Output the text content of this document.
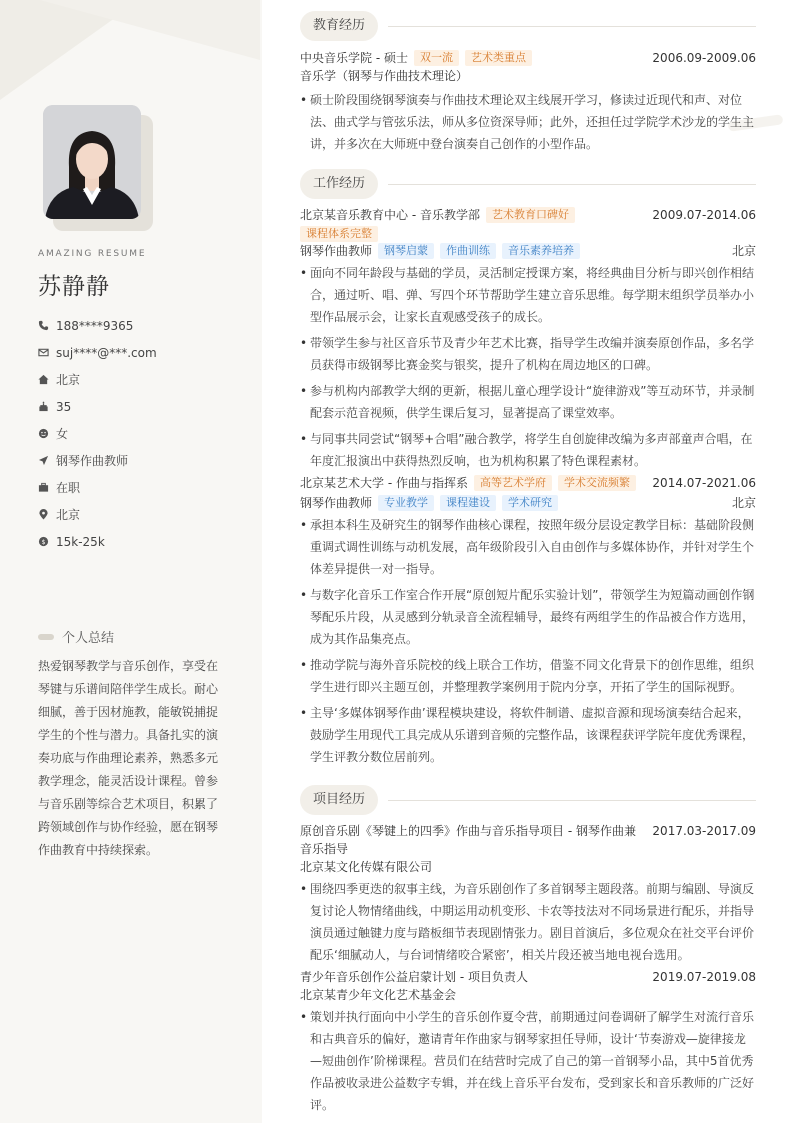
AMAZING RESUME
苏静静
188****9365
suj****@***.com
北京
35
女
钢琴作曲教师
在职
北京
$ 15k-25k
个人总结
热爱钢琴教学与音乐创作，享受在琴键与乐谱间陪伴学生成长。耐心细腻，善于因材施教，能敏锐捕捉学生的个性与潜力。具备扎实的演奏功底与作曲理论素养，熟悉多元教学理念，能灵活设计课程。曾参与音乐剧等综合艺术项目，积累了跨领域创作与协作经验，愿在钢琴作曲教育中持续探索。
教育经历
中央音乐学院 - 硕士	双一流	艺术类重点	2006.09-2009.06
音乐学（钢琴与作曲技术理论）
• 硕士阶段围绕钢琴演奏与作曲技术理论双主线展开学习，修读过近现代和声、对位法、曲式学与管弦乐法，师从多位资深导师；此外，还担任过学院学术沙龙的学生主讲，并多次在大师班中登台演奏自己创作的小型作品。
工作经历
北京某音乐教育中心 - 音乐教学部	艺术教育口碑好	2009.07-2014.06
课程体系完整
钢琴作曲教师	钢琴启蒙	作曲训练	音乐素养培养	北京
• 面向不同年龄段与基础的学员，灵活制定授课方案，将经典曲目分析与即兴创作相结合，通过听、唱、弹、写四个环节帮助学生建立音乐思维。每学期末组织学员举办小型作品展示会，让家长直观感受孩子的成长。
• 带领学生参与社区音乐节及青少年艺术比赛，指导学生改编并演奏原创作品，多名学员获得市级钢琴比赛金奖与银奖，提升了机构在周边地区的口碑。
• 参与机构内部教学大纲的更新，根据儿童心理学设计“旋律游戏”等互动环节，并录制配套示范音视频，供学生课后复习，显著提高了课堂效率。
• 与同事共同尝试“钢琴+合唱”融合教学，将学生自创旋律改编为多声部童声合唱，在年度汇报演出中获得热烈反响，也为机构积累了特色课程素材。
北京某艺术大学 - 作曲与指挥系	高等艺术学府	学术交流频繁	2014.07-2021.06
钢琴作曲教师	专业教学	课程建设	学术研究	北京
• 承担本科生及研究生的钢琴作曲核心课程，按照年级分层设定教学目标：基础阶段侧重调式调性训练与动机发展，高年级阶段引入自由创作与多媒体协作，并针对学生个体差异提供一对一指导。
• 与数字化音乐工作室合作开展“原创短片配乐实验计划”，带领学生为短篇动画创作钢琴配乐片段，从灵感到分轨录音全流程辅导，最终有两组学生的作品被合作方选用，成为其作品集亮点。
• 推动学院与海外音乐院校的线上联合工作坊，借鉴不同文化背景下的创作思维，组织学生进行即兴主题互创，并整理教学案例用于院内分享，开拓了学生的国际视野。
• 主导‘多媒体钢琴作曲’课程模块建设，将软件制谱、虚拟音源和现场演奏结合起来，鼓励学生用现代工具完成从乐谱到音频的完整作品，该课程获评学院年度优秀课程，学生评教分数位居前列。
项目经历
原创音乐剧《琴键上的四季》作曲与音乐指导项目 - 钢琴作曲兼音乐指导
2017.03-2017.09
北京某文化传媒有限公司
• 围绕四季更迭的叙事主线，为音乐剧创作了多首钢琴主题段落。前期与编剧、导演反复讨论人物情绪曲线，中期运用动机变形、卡农等技法对不同场景进行配乐，并指导演员通过触键力度与踏板细节表现剧情张力。剧目首演后，多位观众在社交平台评价配乐‘细腻动人，与台词情绪咬合紧密’，相关片段还被当地电视台选用。
青少年音乐创作公益启蒙计划 - 项目负责人	2019.07-2019.08
北京某青少年文化艺术基金会
• 策划并执行面向中小学生的音乐创作夏令营，前期通过问卷调研了解学生对流行音乐和古典音乐的偏好，邀请青年作曲家与钢琴家担任导师，设计‘节奏游戏—旋律接龙—短曲创作’阶梯课程。营员们在结营时完成了自己的第一首钢琴小品，其中5首优秀作品被收录进公益数字专辑，并在线上音乐平台发布，受到家长和音乐教师的广泛好评。
